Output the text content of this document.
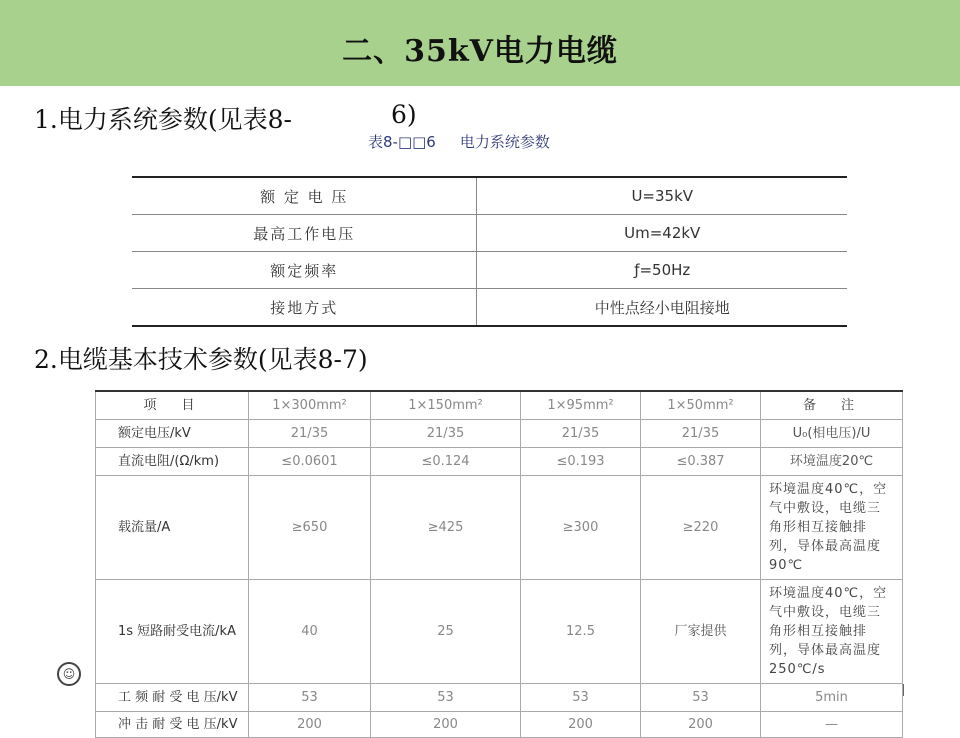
二、35kV电力电缆
1.电力系统参数(见表8-	6)
表8-□□6 电力系统参数
额 定 电 压	U=35kV
最高工作电压	Um=42kV
额定频率	ƒ=50Hz
接地方式	中性点经小电阻接地
2.电缆基本技术参数(见表8-7)
项　目	1×300mm²	1×150mm²	1×95mm²	1×50mm²	备　注
额定电压/kV	21/35	21/35	21/35	21/35	U₀(相电压)/U
直流电阻/(Ω/km)	≤0.0601	≤0.124	≤0.193	≤0.387	环境温度20℃
载流量/A	≥650	≥425	≥300	≥220	环境温度40℃，空气中敷设，电缆三角形相互接触排列，导体最高温度90℃
1s 短路耐受电流/kA	40	25	12.5	厂家提供	环境温度40℃，空气中敷设，电缆三角形相互接触排列，导体最高温度250℃/s
工 频 耐 受 电 压/kV	53	53	53	53	5min
冲 击 耐 受 电 压/kV	200	200	200	200	—
☺
